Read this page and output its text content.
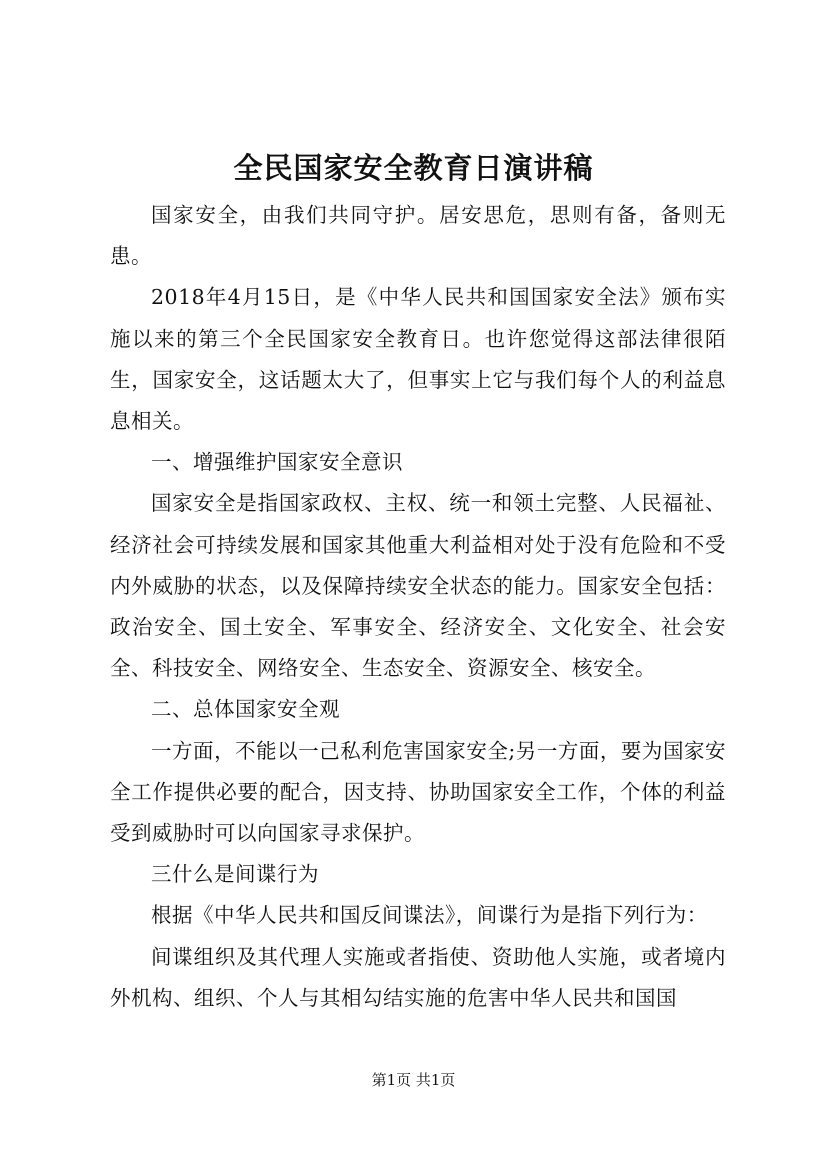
全民国家安全教育日演讲稿

国家安全，由我们共同守护。居安思危，思则有备，备则无患。

2018年4月15日，是《中华人民共和国国家安全法》颁布实施以来的第三个全民国家安全教育日。也许您觉得这部法律很陌生，国家安全，这话题太大了，但事实上它与我们每个人的利益息息相关。

一、增强维护国家安全意识

国家安全是指国家政权、主权、统一和领土完整、人民福祉、经济社会可持续发展和国家其他重大利益相对处于没有危险和不受内外威胁的状态，以及保障持续安全状态的能力。国家安全包括：政治安全、国土安全、军事安全、经济安全、文化安全、社会安全、科技安全、网络安全、生态安全、资源安全、核安全。

二、总体国家安全观

一方面，不能以一己私利危害国家安全;另一方面，要为国家安全工作提供必要的配合，因支持、协助国家安全工作，个体的利益受到威胁时可以向国家寻求保护。

三什么是间谍行为

根据《中华人民共和国反间谍法》，间谍行为是指下列行为：

间谍组织及其代理人实施或者指使、资助他人实施，或者境内外机构、组织、个人与其相勾结实施的危害中华人民共和国国

第1页 共1页
